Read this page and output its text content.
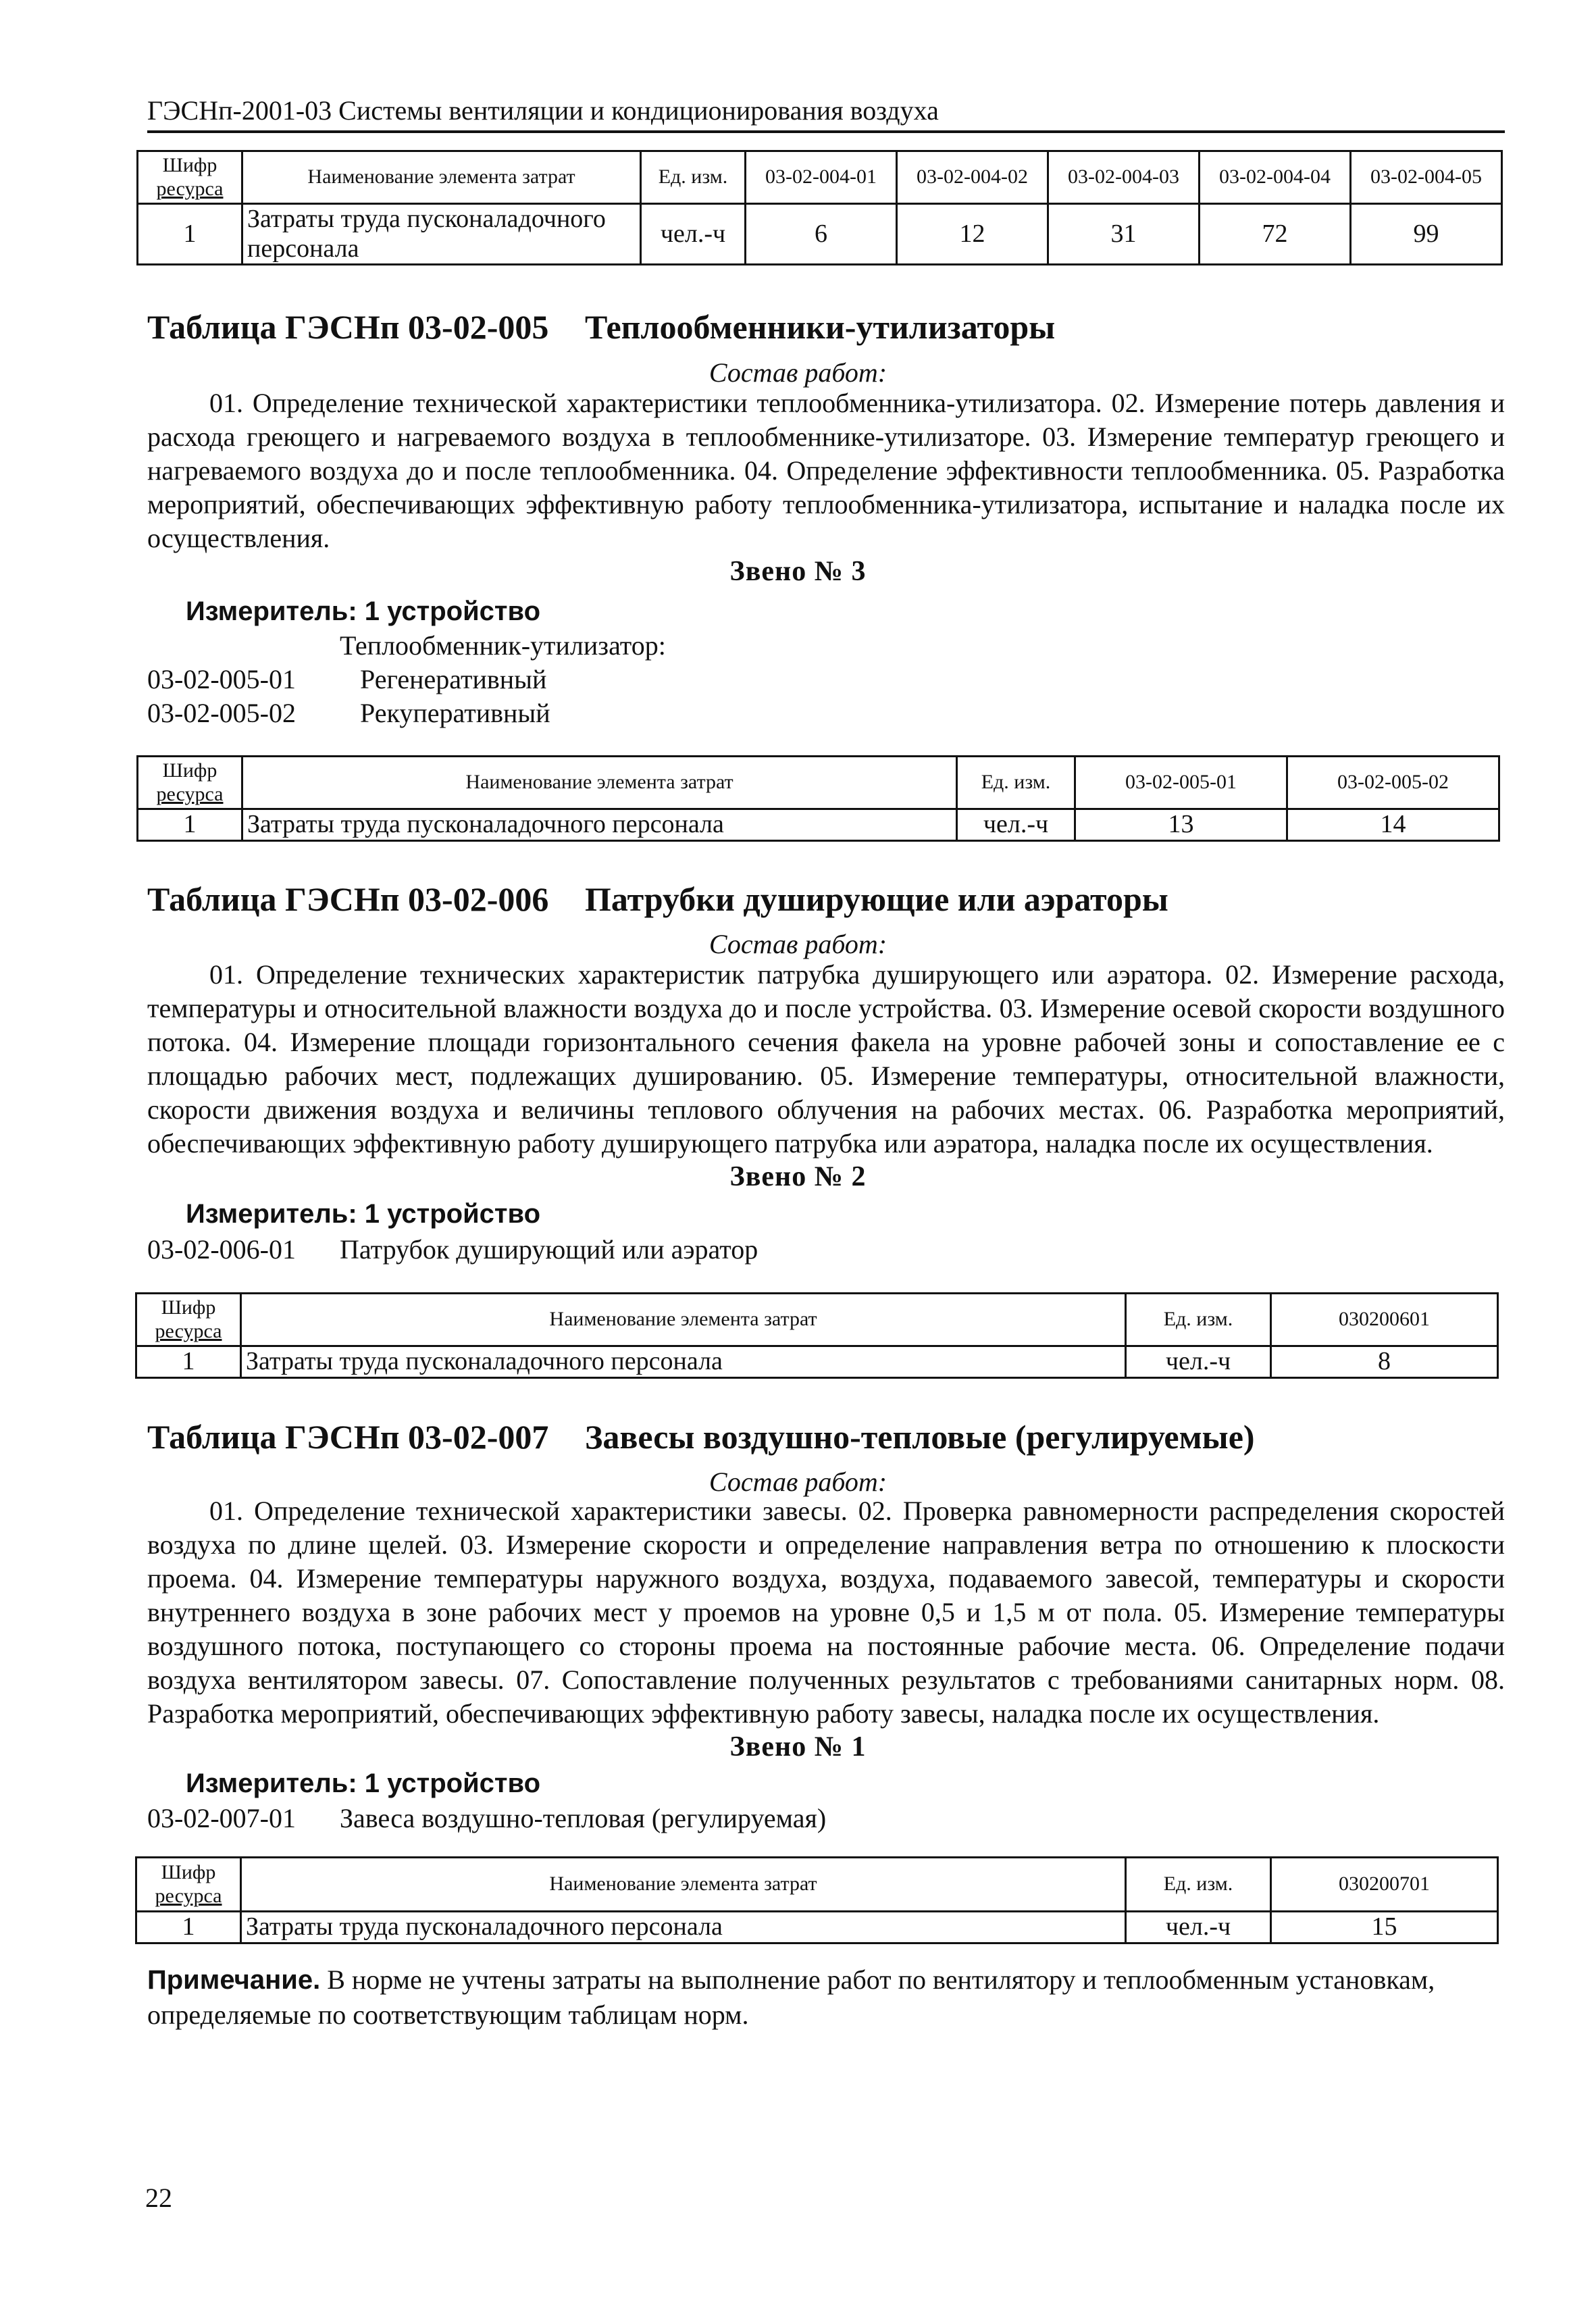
ГЭСНп-2001-03 Системы вентиляции и кондиционирования воздуха
Шифр
ресурса	Наименование элемента затрат	Ед. изм.	03-02-004-01	03-02-004-02	03-02-004-03	03-02-004-04	03-02-004-05
1	Затраты труда пусконаладочного персонала	чел.-ч	6	12	31	72	99
Таблица ГЭСНп 03-02-005 Теплообменники-утилизаторы
Состав работ:
01. Определение технической характеристики теплообменника-утилизатора. 02. Измерение потерь давления и расхода греющего и нагреваемого воздуха в теплообменнике-утилизаторе. 03. Измерение температур греющего и нагреваемого воздуха до и после теплообменника. 04. Определение эффективности теплообменника. 05. Разработка мероприятий, обеспечивающих эффективную работу теплообменника-утилизатора, испытание и наладка после их осуществления.
Звено № 3
Измеритель: 1 устройство
Теплообменник-утилизатор:
03-02-005-01 Регенеративный
03-02-005-02 Рекуперативный
Шифр
ресурса	Наименование элемента затрат	Ед. изм.	03-02-005-01	03-02-005-02
1	Затраты труда пусконаладочного персонала	чел.-ч	13	14
Таблица ГЭСНп 03-02-006 Патрубки душирующие или аэраторы
Состав работ:
01. Определение технических характеристик патрубка душирующего или аэратора. 02. Измерение расхода, температуры и относительной влажности воздуха до и после устройства. 03. Измерение осевой скорости воздушного потока. 04. Измерение площади горизонтального сечения факела на уровне рабочей зоны и сопоставление ее с площадью рабочих мест, подлежащих душированию. 05. Измерение температуры, относительной влажности, скорости движения воздуха и величины теплового облучения на рабочих местах. 06. Разработка мероприятий, обеспечивающих эффективную работу душирующего патрубка или аэратора, наладка после их осуществления.
Звено № 2
Измеритель: 1 устройство
03-02-006-01 Патрубок душирующий или аэратор
Шифр
ресурса	Наименование элемента затрат	Ед. изм.	030200601
1	Затраты труда пусконаладочного персонала	чел.-ч	8
Таблица ГЭСНп 03-02-007 Завесы воздушно-тепловые (регулируемые)
Состав работ:
01. Определение технической характеристики завесы. 02. Проверка равномерности распределения скоростей воздуха по длине щелей. 03. Измерение скорости и определение направления ветра по отношению к плоскости проема. 04. Измерение температуры наружного воздуха, воздуха, подаваемого завесой, температуры и скорости внутреннего воздуха в зоне рабочих мест у проемов на уровне 0,5 и 1,5 м от пола. 05. Измерение температуры воздушного потока, поступающего со стороны проема на постоянные рабочие места. 06. Определение подачи воздуха вентилятором завесы. 07. Сопоставление полученных результатов с требованиями санитарных норм. 08. Разработка мероприятий, обеспечивающих эффективную работу завесы, наладка после их осуществления.
Звено № 1
Измеритель: 1 устройство
03-02-007-01 Завеса воздушно-тепловая (регулируемая)
Шифр
ресурса	Наименование элемента затрат	Ед. изм.	030200701
1	Затраты труда пусконаладочного персонала	чел.-ч	15
Примечание. В норме не учтены затраты на выполнение работ по вентилятору и теплообменным установкам, определяемые по соответствующим таблицам норм.
22
